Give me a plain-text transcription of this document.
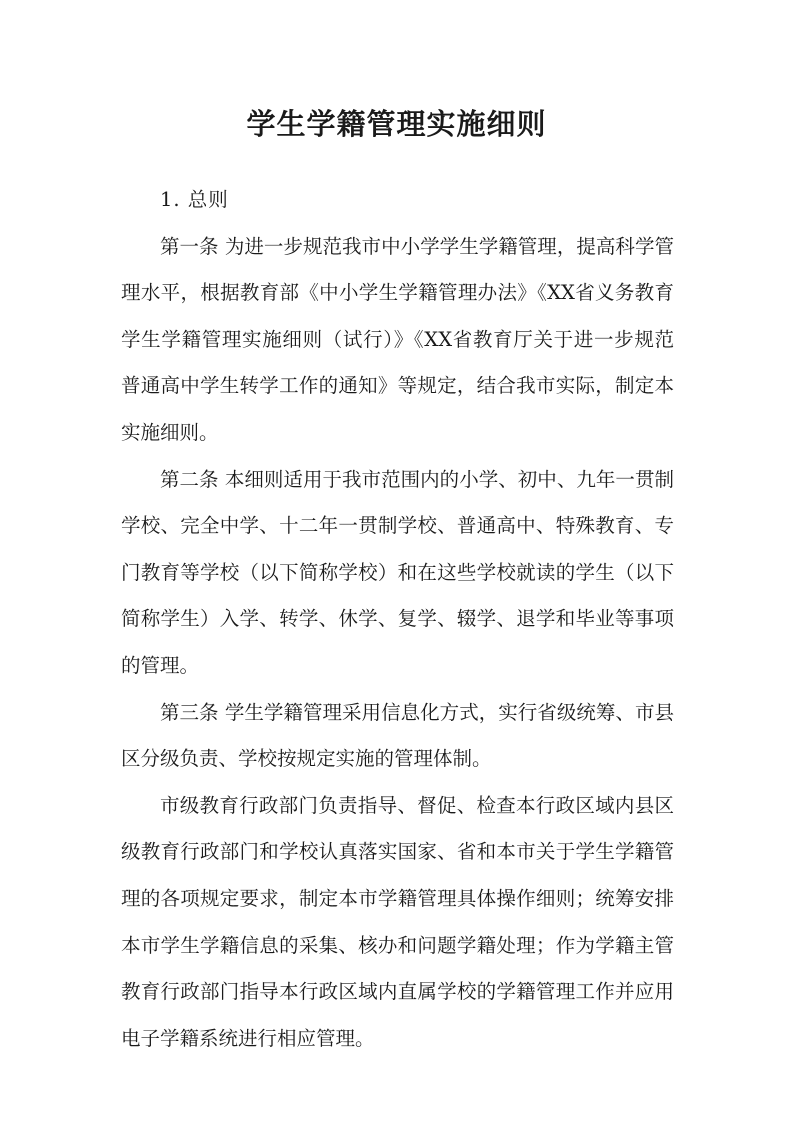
学生学籍管理实施细则

1. 总则

第一条 为进一步规范我市中小学学生学籍管理，提高科学管理水平，根据教育部《中小学生学籍管理办法》《XX省义务教育学生学籍管理实施细则（试行）》《XX省教育厅关于进一步规范普通高中学生转学工作的通知》等规定，结合我市实际，制定本实施细则。

第二条 本细则适用于我市范围内的小学、初中、九年一贯制学校、完全中学、十二年一贯制学校、普通高中、特殊教育、专门教育等学校（以下简称学校）和在这些学校就读的学生（以下简称学生）入学、转学、休学、复学、辍学、退学和毕业等事项的管理。

第三条 学生学籍管理采用信息化方式，实行省级统筹、市县区分级负责、学校按规定实施的管理体制。

市级教育行政部门负责指导、督促、检查本行政区域内县区级教育行政部门和学校认真落实国家、省和本市关于学生学籍管理的各项规定要求，制定本市学籍管理具体操作细则；统筹安排本市学生学籍信息的采集、核办和问题学籍处理；作为学籍主管教育行政部门指导本行政区域内直属学校的学籍管理工作并应用电子学籍系统进行相应管理。
